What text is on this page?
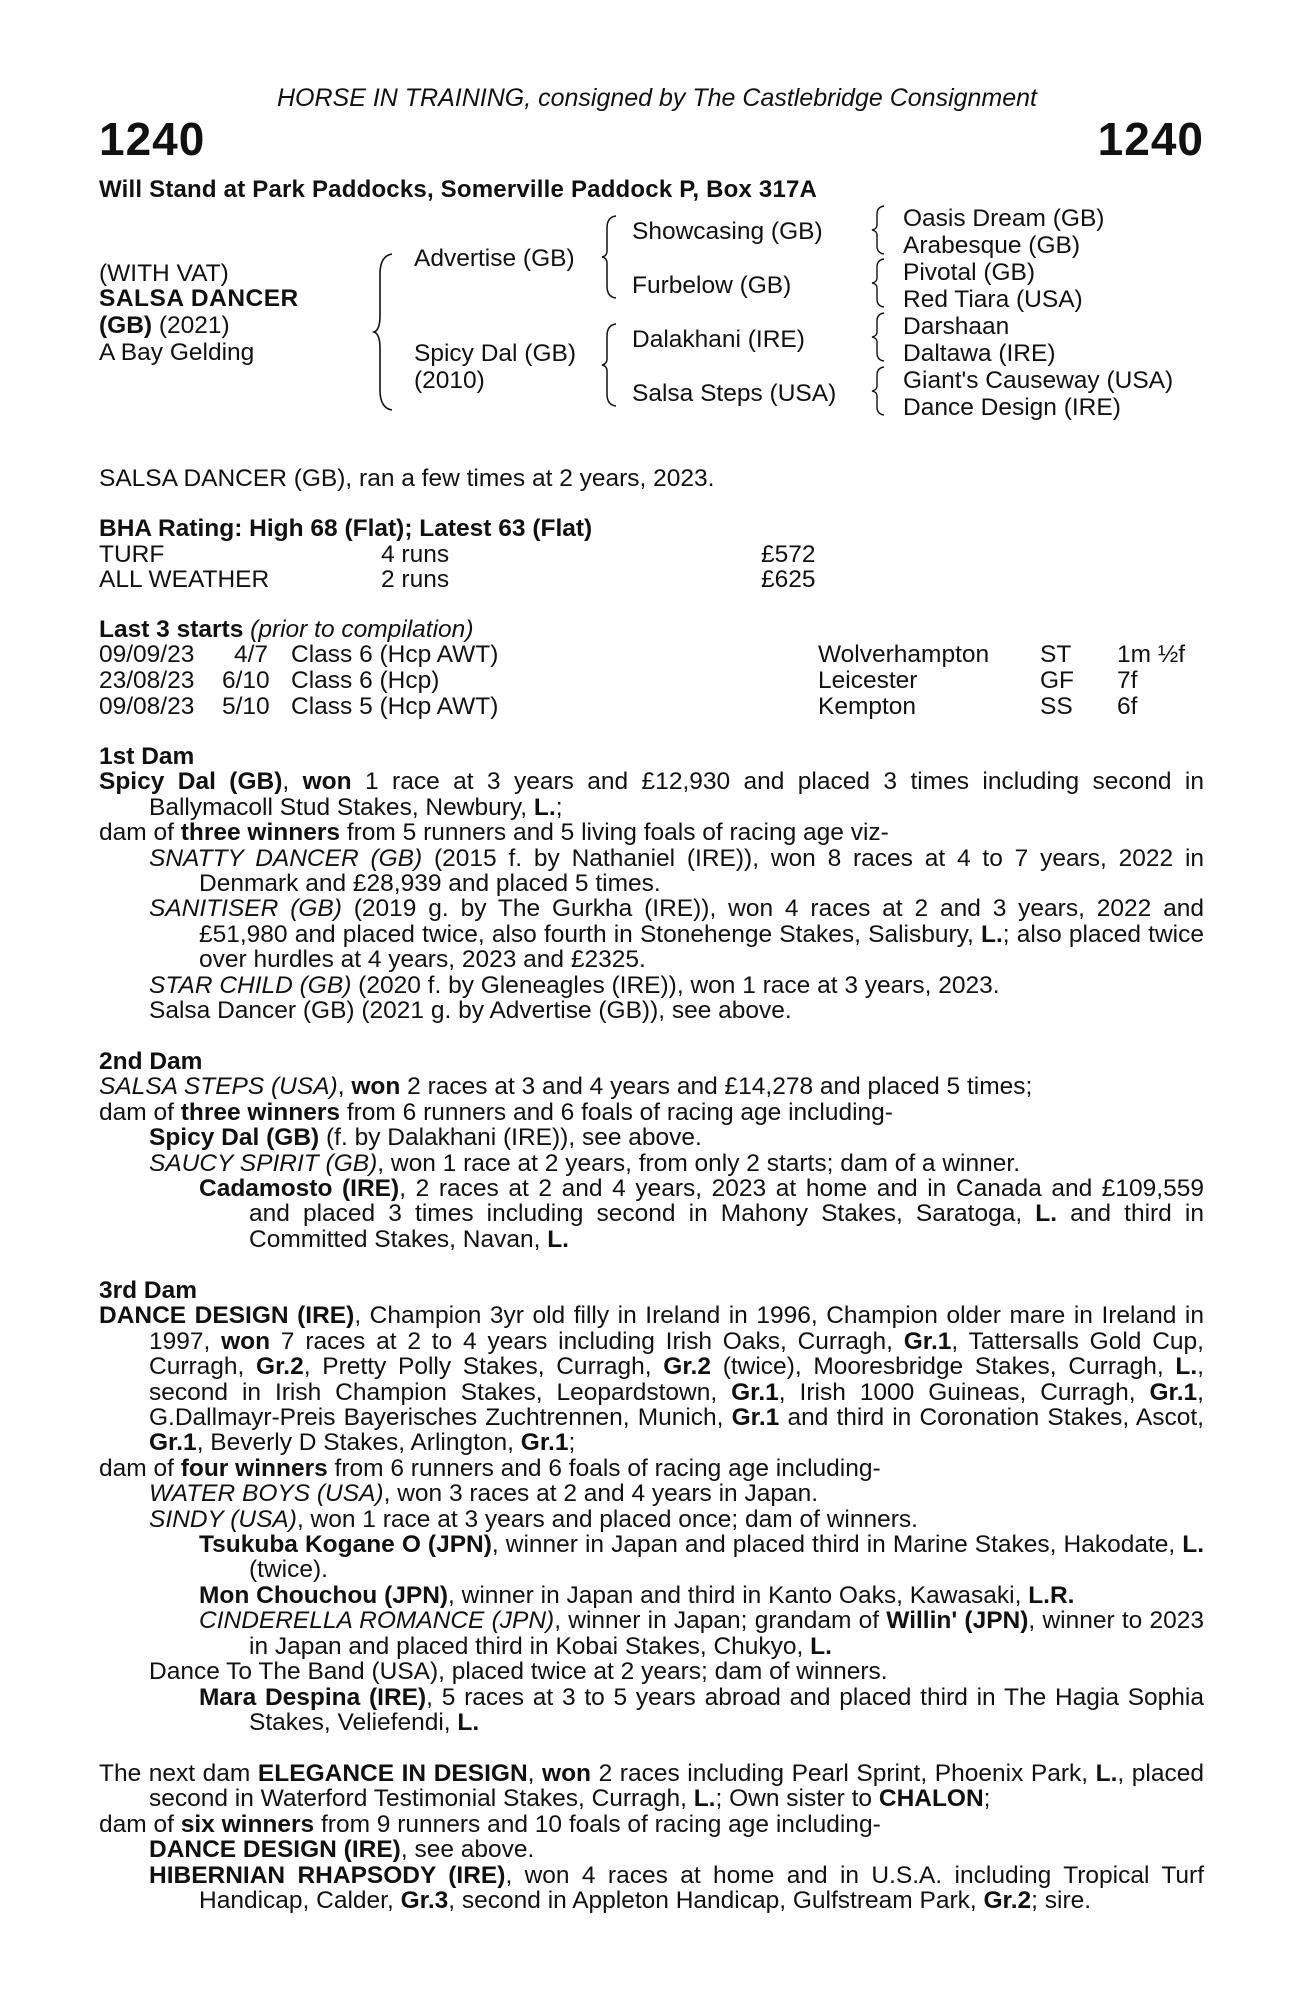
HORSE IN TRAINING, consigned by The Castlebridge Consignment
1240	1240
Will Stand at Park Paddocks, Somerville Paddock P, Box 317A
(WITH VAT)
SALSA DANCER
(GB) (2021)
A Bay Gelding
Advertise (GB)
Spicy Dal (GB)
(2010)
Showcasing (GB)
Furbelow (GB)
Dalakhani (IRE)
Salsa Steps (USA)
Oasis Dream (GB)
Arabesque (GB)
Pivotal (GB)
Red Tiara (USA)
Darshaan
Daltawa (IRE)
Giant's Causeway (USA)
Dance Design (IRE)
SALSA DANCER (GB), ran a few times at 2 years, 2023.
BHA Rating: High 68 (Flat); Latest 63 (Flat)
TURF	4 runs	£572
ALL WEATHER	2 runs	£625
Last 3 starts (prior to compilation)
09/09/23 4/7 Class 6 (Hcp AWT)	Wolverhampton ST 1m ½f
23/08/23 6/10 Class 6 (Hcp)	Leicester	GF 7f
09/08/23 5/10 Class 5 (Hcp AWT)	Kempton	SS 6f

1st Dam

Spicy Dal (GB), won 1 race at 3 years and £12,930 and placed 3 times including second in Ballymacoll Stud Stakes, Newbury, L.;

dam of three winners from 5 runners and 5 living foals of racing age viz-

SNATTY DANCER (GB) (2015 f. by Nathaniel (IRE)), won 8 races at 4 to 7 years, 2022 in Denmark and £28,939 and placed 5 times.

SANITISER (GB) (2019 g. by The Gurkha (IRE)), won 4 races at 2 and 3 years, 2022 and £51,980 and placed twice, also fourth in Stonehenge Stakes, Salisbury, L.; also placed twice over hurdles at 4 years, 2023 and £2325.

STAR CHILD (GB) (2020 f. by Gleneagles (IRE)), won 1 race at 3 years, 2023.

Salsa Dancer (GB) (2021 g. by Advertise (GB)), see above.

2nd Dam

SALSA STEPS (USA), won 2 races at 3 and 4 years and £14,278 and placed 5 times;

dam of three winners from 6 runners and 6 foals of racing age including-

Spicy Dal (GB) (f. by Dalakhani (IRE)), see above.

SAUCY SPIRIT (GB), won 1 race at 2 years, from only 2 starts; dam of a winner.

Cadamosto (IRE), 2 races at 2 and 4 years, 2023 at home and in Canada and £109,559 and placed 3 times including second in Mahony Stakes, Saratoga, L. and third in Committed Stakes, Navan, L.

3rd Dam

DANCE DESIGN (IRE), Champion 3yr old filly in Ireland in 1996, Champion older mare in Ireland in 1997, won 7 races at 2 to 4 years including Irish Oaks, Curragh, Gr.1, Tattersalls Gold Cup, Curragh, Gr.2, Pretty Polly Stakes, Curragh, Gr.2 (twice), Mooresbridge Stakes, Curragh, L., second in Irish Champion Stakes, Leopardstown, Gr.1, Irish 1000 Guineas, Curragh, Gr.1, G.Dallmayr-Preis Bayerisches Zuchtrennen, Munich, Gr.1 and third in Coronation Stakes, Ascot, Gr.1, Beverly D Stakes, Arlington, Gr.1;

dam of four winners from 6 runners and 6 foals of racing age including-

WATER BOYS (USA), won 3 races at 2 and 4 years in Japan.

SINDY (USA), won 1 race at 3 years and placed once; dam of winners.

Tsukuba Kogane O (JPN), winner in Japan and placed third in Marine Stakes, Hakodate, L. (twice).

Mon Chouchou (JPN), winner in Japan and third in Kanto Oaks, Kawasaki, L.R.

CINDERELLA ROMANCE (JPN), winner in Japan; grandam of Willin' (JPN), winner to 2023 in Japan and placed third in Kobai Stakes, Chukyo, L.

Dance To The Band (USA), placed twice at 2 years; dam of winners.

Mara Despina (IRE), 5 races at 3 to 5 years abroad and placed third in The Hagia Sophia Stakes, Veliefendi, L.

The next dam ELEGANCE IN DESIGN, won 2 races including Pearl Sprint, Phoenix Park, L., placed second in Waterford Testimonial Stakes, Curragh, L.; Own sister to CHALON;

dam of six winners from 9 runners and 10 foals of racing age including-

DANCE DESIGN (IRE), see above.

HIBERNIAN RHAPSODY (IRE), won 4 races at home and in U.S.A. including Tropical Turf Handicap, Calder, Gr.3, second in Appleton Handicap, Gulfstream Park, Gr.2; sire.
